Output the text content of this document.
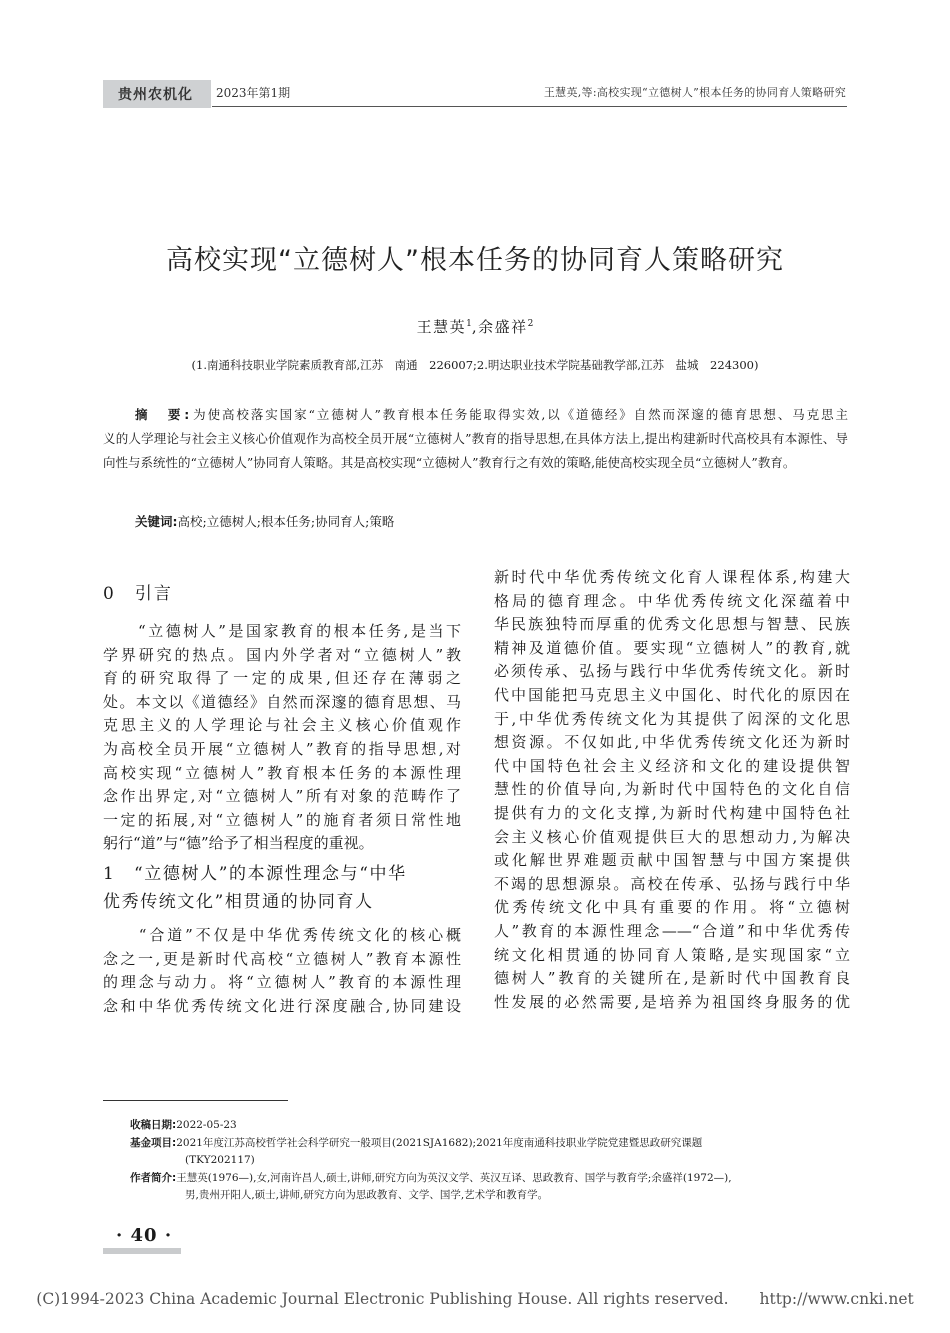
贵州农机化 2023年第1期	王慧英,等:高校实现“立德树人”根本任务的协同育人策略研究
高校实现“立德树人”根本任务的协同育人策略研究
王慧英$^1$,余盛祥$^2$
(1.南通科技职业学院素质教育部,江苏　南通　226007;2.明达职业技术学院基础教学部,江苏　盐城　224300)
摘　要:为使高校落实国家“立德树人”教育根本任务能取得实效,以《道德经》自然而深邃的德育思想、马克思主
义的人学理论与社会主义核心价值观作为高校全员开展“立德树人”教育的指导思想,在具体方法上,提出构建新时代高校具有本源性、导向性与系统性的“立德树人”协同育人策略。其是高校实现“立德树人”教育行之有效的策略,能使高校实现全员“立德树人”教育。
关键词:高校;立德树人;根本任务;协同育人;策略
0　引言
　　“立德树人”是国家教育的根本任务,是当下
学界研究的热点。国内外学者对“立德树人”教
育的研究取得了一定的成果,但还存在薄弱之
处。本文以《道德经》自然而深邃的德育思想、马
克思主义的人学理论与社会主义核心价值观作
为高校全员开展“立德树人”教育的指导思想,对
高校实现“立德树人”教育根本任务的本源性理
念作出界定,对“立德树人”所有对象的范畴作了
一定的拓展,对“立德树人”的施育者须日常性地
躬行“道”与“德”给予了相当程度的重视。
1　“立德树人”的本源性理念与“中华
优秀传统文化”相贯通的协同育人
　　“合道”不仅是中华优秀传统文化的核心概
念之一,更是新时代高校“立德树人”教育本源性
的理念与动力。将“立德树人”教育的本源性理
念和中华优秀传统文化进行深度融合,协同建设
新时代中华优秀传统文化育人课程体系,构建大
格局的德育理念。中华优秀传统文化深蕴着中
华民族独特而厚重的优秀文化思想与智慧、民族
精神及道德价值。要实现“立德树人”的教育,就
必须传承、弘扬与践行中华优秀传统文化。新时
代中国能把马克思主义中国化、时代化的原因在
于,中华优秀传统文化为其提供了闳深的文化思
想资源。不仅如此,中华优秀传统文化还为新时
代中国特色社会主义经济和文化的建设提供智
慧性的价值导向,为新时代中国特色的文化自信
提供有力的文化支撑,为新时代构建中国特色社
会主义核心价值观提供巨大的思想动力,为解决
或化解世界难题贡献中国智慧与中国方案提供
不竭的思想源泉。高校在传承、弘扬与践行中华
优秀传统文化中具有重要的作用。将“立德树
人”教育的本源性理念——“合道”和中华优秀传
统文化相贯通的协同育人策略,是实现国家“立
德树人”教育的关键所在,是新时代中国教育良
性发展的必然需要,是培养为祖国终身服务的优
收稿日期:2022-05-23
基金项目:2021年度江苏高校哲学社会科学研究一般项目(2021SJA1682);2021年度南通科技职业学院党建暨思政研究课题
(TKY202117)
作者简介:王慧英(1976—),女,河南许昌人,硕士,讲师,研究方向为英汉文学、英汉互译、思政教育、国学与教育学;余盛祥(1972—),
男,贵州开阳人,硕士,讲师,研究方向为思政教育、文学、国学,艺术学和教育学。
· 40 ·
(C)1994-2023 China Academic Journal Electronic Publishing House. All rights reserved.　　http://www.cnki.net
